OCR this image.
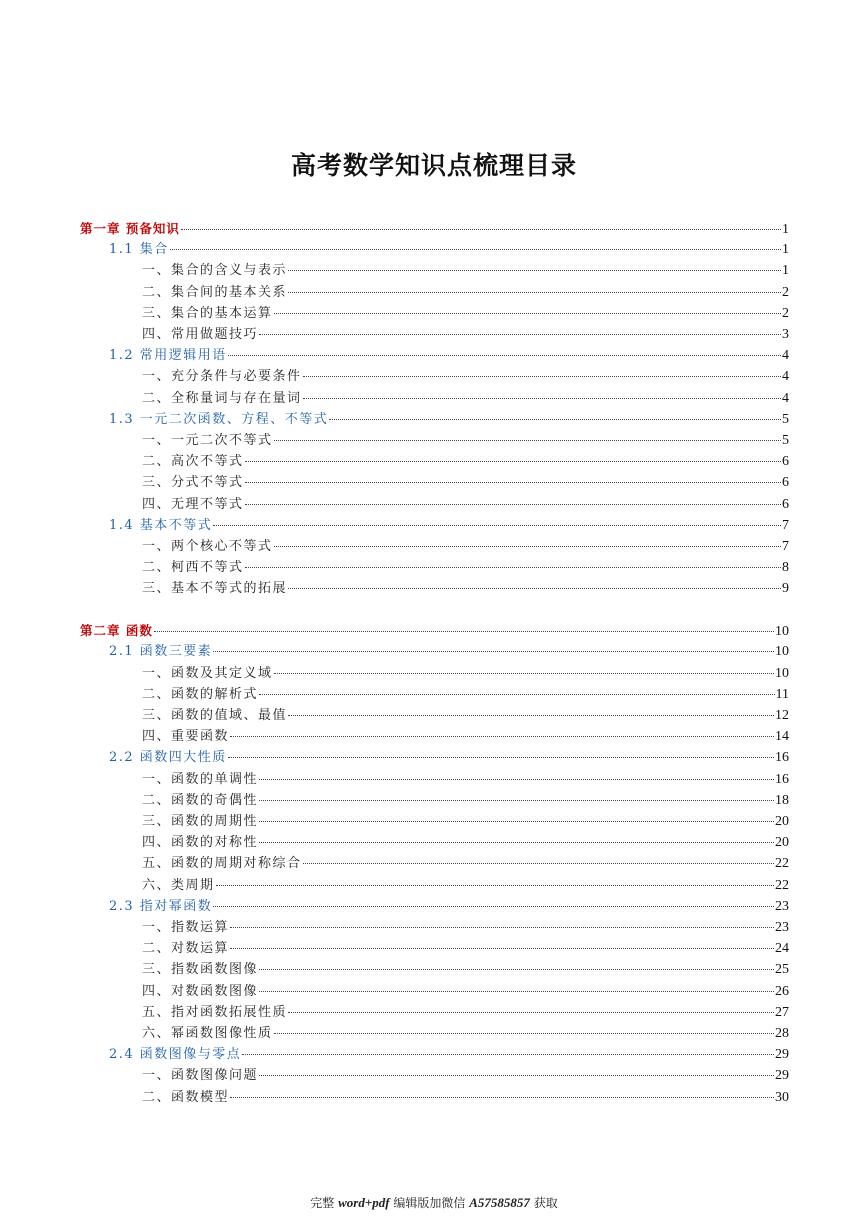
高考数学知识点梳理目录
第一章 预备知识	1
1.1 集合	1
一、集合的含义与表示	1
二、集合间的基本关系	2
三、集合的基本运算	2
四、常用做题技巧	3
1.2 常用逻辑用语	4
一、充分条件与必要条件	4
二、全称量词与存在量词	4
1.3 一元二次函数、方程、不等式	5
一、一元二次不等式	5
二、高次不等式	6
三、分式不等式	6
四、无理不等式	6
1.4 基本不等式	7
一、两个核心不等式	7
二、柯西不等式	8
三、基本不等式的拓展	9
第二章 函数	10
2.1 函数三要素	10
一、函数及其定义域	10
二、函数的解析式	11
三、函数的值域、最值	12
四、重要函数	14
2.2 函数四大性质	16
一、函数的单调性	16
二、函数的奇偶性	18
三、函数的周期性	20
四、函数的对称性	20
五、函数的周期对称综合	22
六、类周期	22
2.3 指对幂函数	23
一、指数运算	23
二、对数运算	24
三、指数函数图像	25
四、对数函数图像	26
五、指对函数拓展性质	27
六、幂函数图像性质	28
2.4 函数图像与零点	29
一、函数图像问题	29
二、函数模型	30
完整 word+pdf 编辑版加微信 A57585857 获取
